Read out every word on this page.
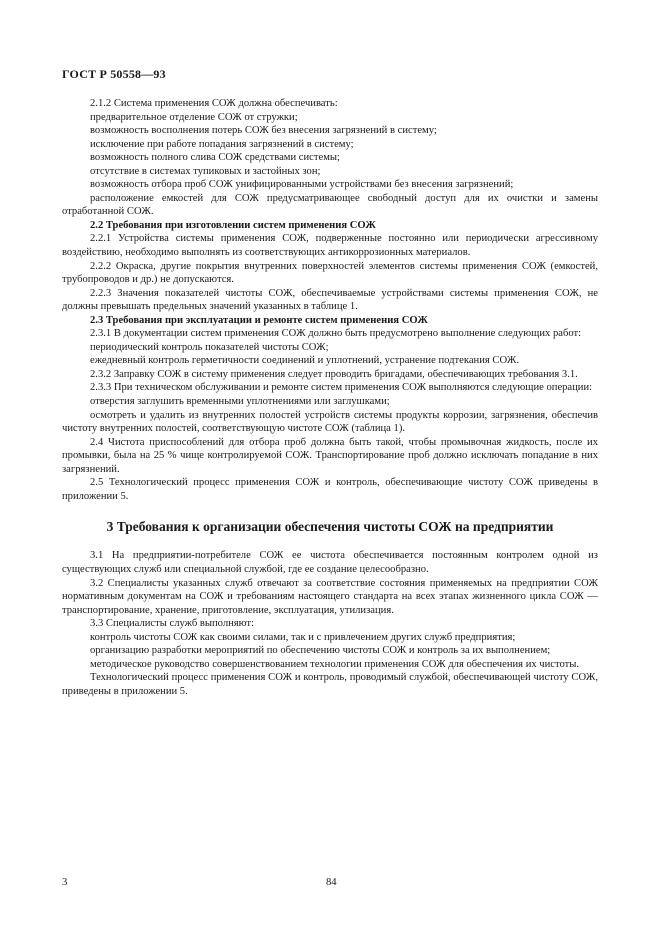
ГОСТ Р 50558—93

2.1.2 Система применения СОЖ должна обеспечивать:

предварительное отделение СОЖ от стружки;

возможность восполнения потерь СОЖ без внесения загрязнений в систему;

исключение при работе попадания загрязнений в систему;

возможность полного слива СОЖ средствами системы;

отсутствие в системах тупиковых и застойных зон;

возможность отбора проб СОЖ унифицированными устройствами без внесения загрязнений;

расположение емкостей для СОЖ предусматривающее свободный доступ для их очистки и замены отработанной СОЖ.

2.2 Требования при изготовлении систем применения СОЖ

2.2.1 Устройства системы применения СОЖ, подверженные постоянно или периодически агрессивному воздействию, необходимо выполнять из соответствующих антикоррозионных материалов.

2.2.2 Окраска, другие покрытия внутренних поверхностей элементов системы применения СОЖ (емкостей, трубопроводов и др.) не допускаются.

2.2.3 Значения показателей чистоты СОЖ, обеспечиваемые устройствами системы применения СОЖ, не должны превышать предельных значений указанных в таблице 1.

2.3 Требования при эксплуатации и ремонте систем применения СОЖ

2.3.1 В документации систем применения СОЖ должно быть предусмотрено выполнение следующих работ:

периодический контроль показателей чистоты СОЖ;

ежедневный контроль герметичности соединений и уплотнений, устранение подтекания СОЖ.

2.3.2 Заправку СОЖ в систему применения следует проводить бригадами, обеспечивающих требования 3.1.

2.3.3 При техническом обслуживании и ремонте систем применения СОЖ выполняются следующие операции:

отверстия заглушить временными уплотнениями или заглушками;

осмотреть и удалить из внутренних полостей устройств системы продукты коррозии, загрязнения, обеспечив чистоту внутренних полостей, соответствующую чистоте СОЖ (таблица 1).

2.4 Чистота приспособлений для отбора проб должна быть такой, чтобы промывочная жидкость, после их промывки, была на 25 % чище контролируемой СОЖ. Транспортирование проб должно исключать попадание в них загрязнений.

2.5 Технологический процесс применения СОЖ и контроль, обеспечивающие чистоту СОЖ приведены в приложении 5.

3 Требования к организации обеспечения чистоты СОЖ на предприятии

3.1 На предприятии-потребителе СОЖ ее чистота обеспечивается постоянным контролем одной из существующих служб или специальной службой, где ее создание целесообразно.

3.2 Специалисты указанных служб отвечают за соответствие состояния применяемых на предприятии СОЖ нормативным документам на СОЖ и требованиям настоящего стандарта на всех этапах жизненного цикла СОЖ — транспортирование, хранение, приготовление, эксплуатация, утилизация.

3.3 Специалисты служб выполняют:

контроль чистоты СОЖ как своими силами, так и с привлечением других служб предприятия;

организацию разработки мероприятий по обеспечению чистоты СОЖ и контроль за их выполнением;

методическое руководство совершенствованием технологии применения СОЖ для обеспечения их чистоты.

Технологический процесс применения СОЖ и контроль, проводимый службой, обеспечивающей чистоту СОЖ, приведены в приложении 5.

3	84
